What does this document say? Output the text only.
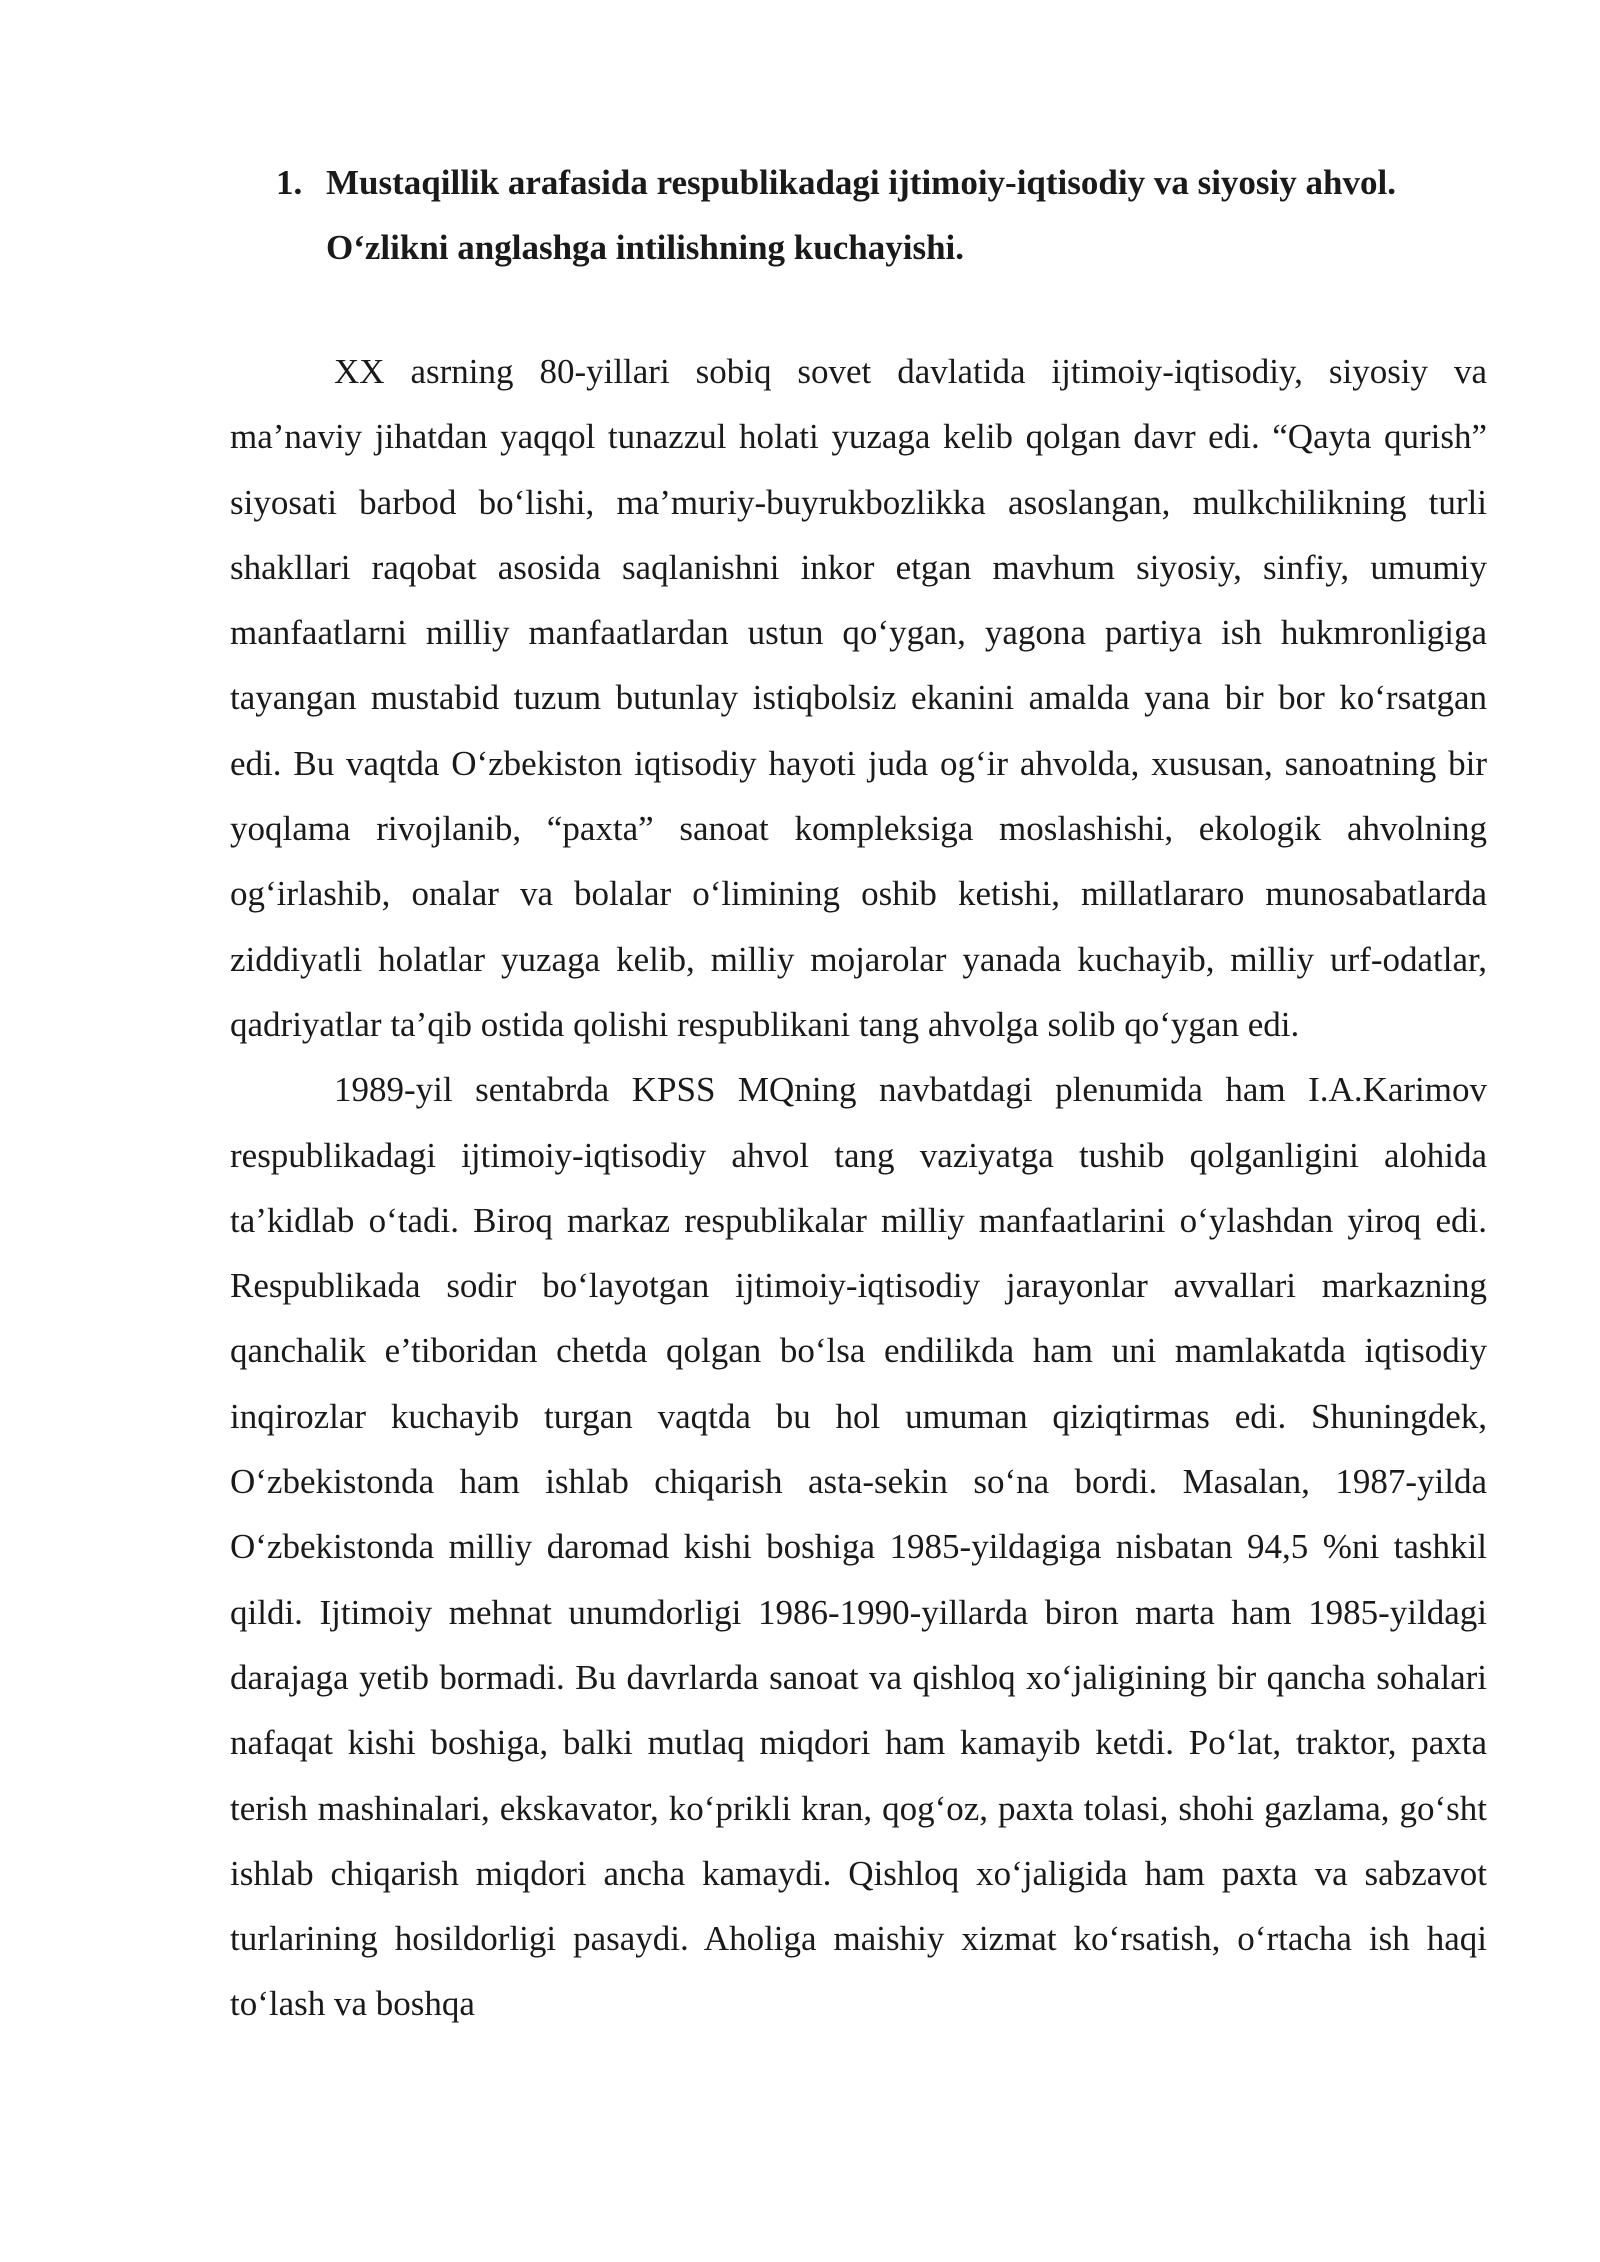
1. Mustaqillik arafasida respublikadagi ijtimoiy-iqtisodiy va siyosiy ahvol.
O‘zlikni anglashga intilishning kuchayishi.

XX asrning 80-yillari sobiq sovet davlatida ijtimoiy-iqtisodiy, siyosiy va ma’naviy jihatdan yaqqol tunazzul holati yuzaga kelib qolgan davr edi. “Qayta qurish” siyosati barbod bo‘lishi, ma’muriy-buyrukbozlikka asoslangan, mulkchilikning turli shakllari raqobat asosida saqlanishni inkor etgan mavhum siyosiy, sinfiy, umumiy manfaatlarni milliy manfaatlardan ustun qo‘ygan, yagona partiya ish hukmronligiga tayangan mustabid tuzum butunlay istiqbolsiz ekanini amalda yana bir bor ko‘rsatgan edi. Bu vaqtda O‘zbekiston iqtisodiy hayoti juda og‘ir ahvolda, xususan, sanoatning bir yoqlama rivojlanib, “paxta” sanoat kompleksiga moslashishi, ekologik ahvolning og‘irlashib, onalar va bolalar o‘limining oshib ketishi, millatlararo munosabatlarda ziddiyatli holatlar yuzaga kelib, milliy mojarolar yanada kuchayib, milliy urf-odatlar, qadriyatlar ta’qib ostida qolishi respublikani tang ahvolga solib qo‘ygan edi.

1989-yil sentabrda KPSS MQning navbatdagi plenumida ham I.A.Karimov respublikadagi ijtimoiy-iqtisodiy ahvol tang vaziyatga tushib qolganligini alohida ta’kidlab o‘tadi. Biroq markaz respublikalar milliy manfaatlarini o‘ylashdan yiroq edi. Respublikada sodir bo‘layotgan ijtimoiy-iqtisodiy jarayonlar avvallari markazning qanchalik e’tiboridan chetda qolgan bo‘lsa endilikda ham uni mamlakatda iqtisodiy inqirozlar kuchayib turgan vaqtda bu hol umuman qiziqtirmas edi. Shuningdek, O‘zbekistonda ham ishlab chiqarish asta-sekin so‘na bordi. Masalan, 1987-yilda O‘zbekistonda milliy daromad kishi boshiga 1985-yildagiga nisbatan 94,5 %ni tashkil qildi. Ijtimoiy mehnat unumdorligi 1986-1990-yillarda biron marta ham 1985-yildagi darajaga yetib bormadi. Bu davrlarda sanoat va qishloq xo‘jaligining bir qancha sohalari nafaqat kishi boshiga, balki mutlaq miqdori ham kamayib ketdi. Po‘lat, traktor, paxta terish mashinalari, ekskavator, ko‘prikli kran, qog‘oz, paxta tolasi, shohi gazlama, go‘sht ishlab chiqarish miqdori ancha kamaydi. Qishloq xo‘jaligida ham paxta va sabzavot turlarining hosildorligi pasaydi. Aholiga maishiy xizmat ko‘rsatish, o‘rtacha ish haqi to‘lash va boshqa
